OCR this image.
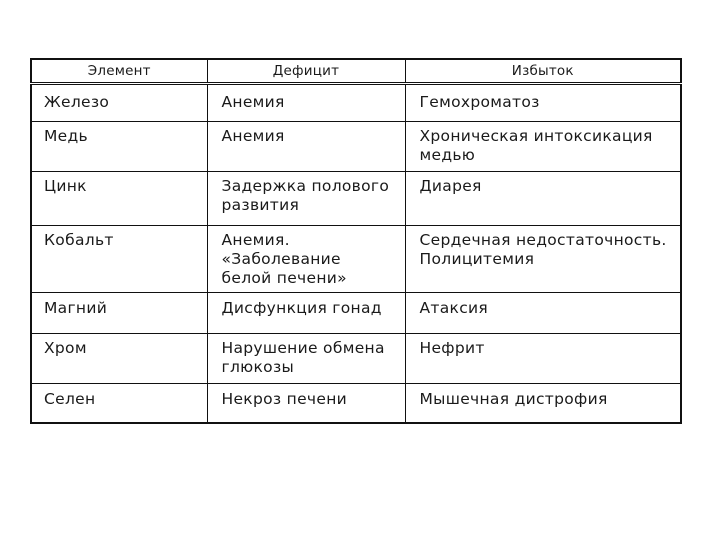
Элемент	Дефицит	Избыток
Железо	Анемия	Гемохроматоз
Медь	Анемия	Хроническая интоксикация медью
Цинк	Задержка полового развития	Диарея
Кобальт	Анемия. «Заболевание белой печени»	Сердечная недостаточность. Полицитемия
Магний	Дисфункция гонад	Атаксия
Хром	Нарушение обмена глюкозы	Нефрит
Селен	Некроз печени	Мышечная дистрофия
